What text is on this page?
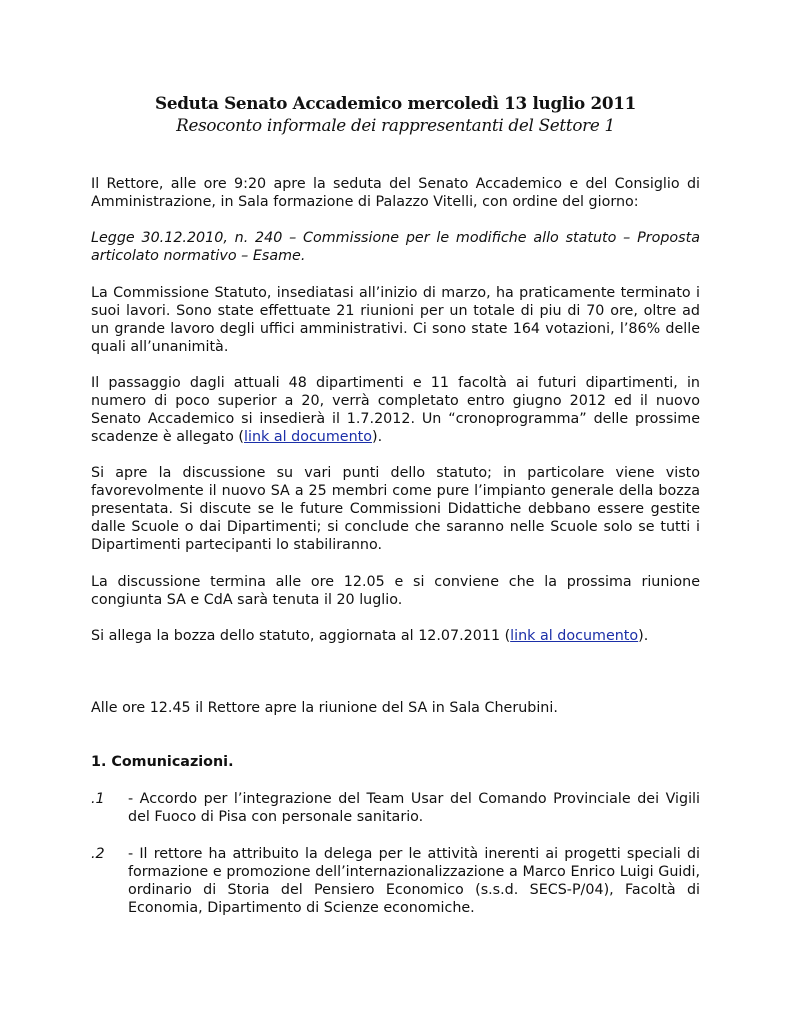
Seduta Senato Accademico mercoledì 13 luglio 2011
Resoconto informale dei rappresentanti del Settore 1

Il Rettore, alle ore 9:20 apre la seduta del Senato Accademico e del Consiglio di Amministrazione, in Sala formazione di Palazzo Vitelli, con ordine del giorno:

Legge 30.12.2010, n. 240 – Commissione per le modifiche allo statuto – Proposta articolato normativo – Esame.

La Commissione Statuto, insediatasi all’inizio di marzo, ha praticamente terminato i suoi lavori. Sono state effettuate 21 riunioni per un totale di piu di 70 ore, oltre ad un grande lavoro degli uffici amministrativi. Ci sono state 164 votazioni, l’86% delle quali all’unanimità.

Il passaggio dagli attuali 48 dipartimenti e 11 facoltà ai futuri dipartimenti, in numero di poco superior a 20, verrà completato entro giugno 2012 ed il nuovo Senato Accademico si insedierà il 1.7.2012. Un “cronoprogramma” delle prossime scadenze è allegato (link al documento).

Si apre la discussione su vari punti dello statuto; in particolare viene visto favorevolmente il nuovo SA a 25 membri come pure l’impianto generale della bozza presentata. Si discute se le future Commissioni Didattiche debbano essere gestite dalle Scuole o dai Dipartimenti; si conclude che saranno nelle Scuole solo se tutti i Dipartimenti partecipanti lo stabiliranno.

La discussione termina alle ore 12.05 e si conviene che la prossima riunione congiunta SA e CdA sarà tenuta il 20 luglio.

Si allega la bozza dello statuto, aggiornata al 12.07.2011 (link al documento).

Alle ore 12.45 il Rettore apre la riunione del SA in Sala Cherubini.

1. Comunicazioni.

.1 - Accordo per l’integrazione del Team Usar del Comando Provinciale dei Vigili del Fuoco di Pisa con personale sanitario.

.2 - Il rettore ha attribuito la delega per le attività inerenti ai progetti speciali di formazione e promozione dell’internazionalizzazione a Marco Enrico Luigi Guidi, ordinario di Storia del Pensiero Economico (s.s.d. SECS-P/04), Facoltà di Economia, Dipartimento di Scienze economiche.
